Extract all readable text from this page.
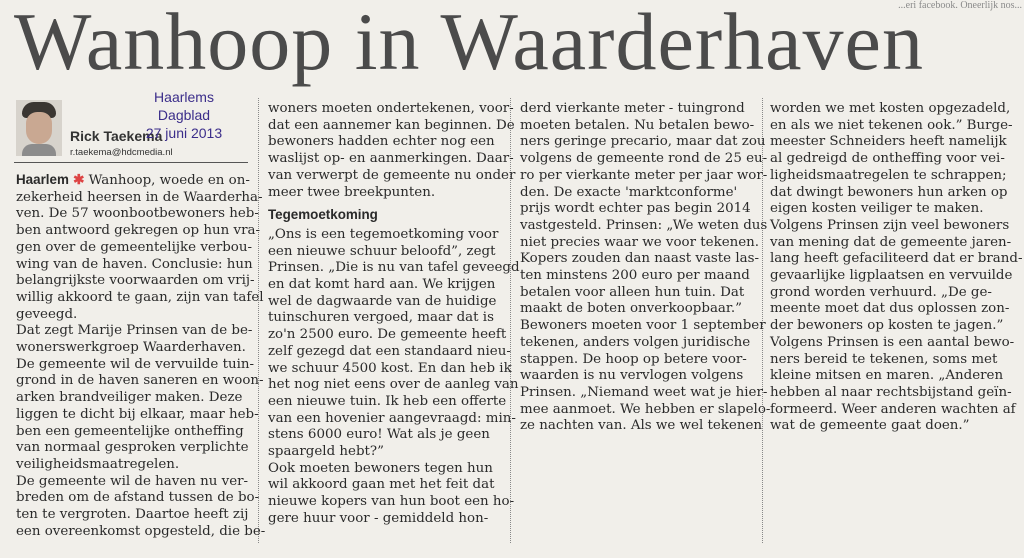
Wanhoop in Waarderhaven
...eri facebook. Oneerlijk nos...
Rick Taekema
r.taekema@hdcmedia.nl
Haarlems
Dagblad
27 juni 2013

Haarlem ✱ Wanhoop, woede en on-

zekerheid heersen in de Waarderha-

ven. De 57 woonbootbewoners heb-

ben antwoord gekregen op hun vra-

gen over de gemeentelijke verbou-

wing van de haven. Conclusie: hun

belangrijkste voorwaarden om vrij-

willig akkoord te gaan, zijn van tafel

geveegd.

Dat zegt Marije Prinsen van de be-

wonerswerkgroep Waarderhaven.

De gemeente wil de vervuilde tuin-

grond in de haven saneren en woon-

arken brandveiliger maken. Deze

liggen te dicht bij elkaar, maar heb-

ben een gemeentelijke ontheffing

van normaal gesproken verplichte

veiligheidsmaatregelen.

De gemeente wil de haven nu ver-

breden om de afstand tussen de bo-

ten te vergroten. Daartoe heeft zij

een overeenkomst opgesteld, die be-

woners moeten ondertekenen, voor-

dat een aannemer kan beginnen. De

bewoners hadden echter nog een

waslijst op- en aanmerkingen. Daar-

van verwerpt de gemeente nu onder

meer twee breekpunten.

Tegemoetkoming

„Ons is een tegemoetkoming voor

een nieuwe schuur beloofd”, zegt

Prinsen. „Die is nu van tafel geveegd

en dat komt hard aan. We krijgen

wel de dagwaarde van de huidige

tuinschuren vergoed, maar dat is

zo'n 2500 euro. De gemeente heeft

zelf gezegd dat een standaard nieu-

we schuur 4500 kost. En dan heb ik

het nog niet eens over de aanleg van

een nieuwe tuin. Ik heb een offerte

van een hovenier aangevraagd: min-

stens 6000 euro! Wat als je geen

spaargeld hebt?”

Ook moeten bewoners tegen hun

wil akkoord gaan met het feit dat

nieuwe kopers van hun boot een ho-

gere huur voor - gemiddeld hon-

derd vierkante meter - tuingrond

moeten betalen. Nu betalen bewo-

ners geringe precario, maar dat zou

volgens de gemeente rond de 25 eu-

ro per vierkante meter per jaar wor-

den. De exacte 'marktconforme'

prijs wordt echter pas begin 2014

vastgesteld. Prinsen: „We weten dus

niet precies waar we voor tekenen.

Kopers zouden dan naast vaste las-

ten minstens 200 euro per maand

betalen voor alleen hun tuin. Dat

maakt de boten onverkoopbaar.”

Bewoners moeten voor 1 september

tekenen, anders volgen juridische

stappen. De hoop op betere voor-

waarden is nu vervlogen volgens

Prinsen. „Niemand weet wat je hier-

mee aanmoet. We hebben er slapelo-

ze nachten van. Als we wel tekenen

worden we met kosten opgezadeld,

en als we niet tekenen ook.” Burge-

meester Schneiders heeft namelijk

al gedreigd de ontheffing voor vei-

ligheidsmaatregelen te schrappen;

dat dwingt bewoners hun arken op

eigen kosten veiliger te maken.

Volgens Prinsen zijn veel bewoners

van mening dat de gemeente jaren-

lang heeft gefaciliteerd dat er brand-

gevaarlijke ligplaatsen en vervuilde

grond worden verhuurd. „De ge-

meente moet dat dus oplossen zon-

der bewoners op kosten te jagen.”

Volgens Prinsen is een aantal bewo-

ners bereid te tekenen, soms met

kleine mitsen en maren. „Anderen

hebben al naar rechtsbijstand geïn-

formeerd. Weer anderen wachten af

wat de gemeente gaat doen.”
